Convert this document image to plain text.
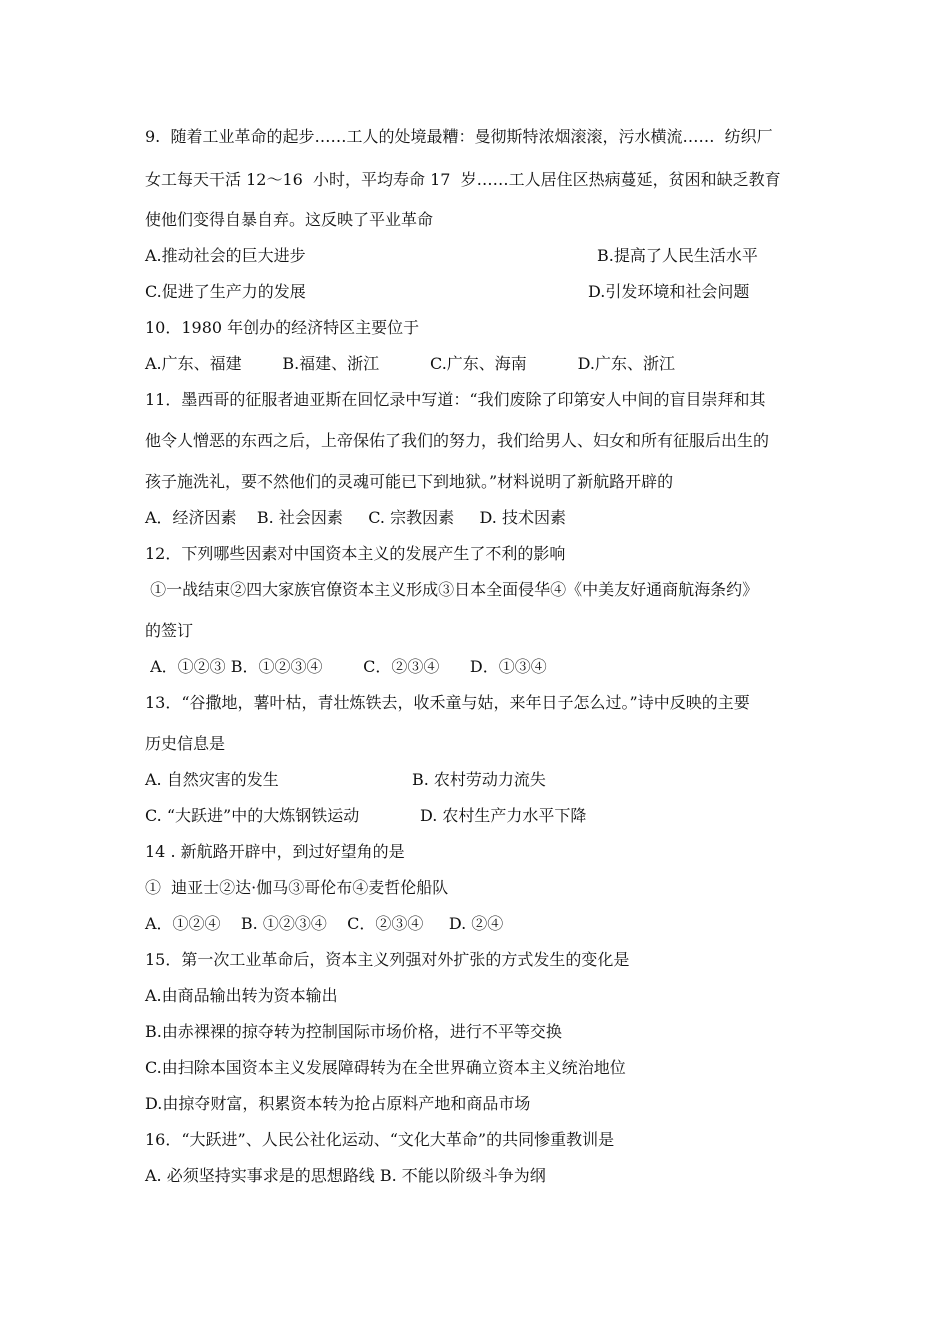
9.  随着工业革命的起步……工人的处境最糟：曼彻斯特浓烟滚滚，污水横流……  纺织厂
女工每天干活 12～16  小时，平均寿命 17  岁……工人居住区热病蔓延，贫困和缺乏教育
使他们变得自暴自弃。这反映了平业革命
A.推动社会的巨大进步	B.提高了人民生活水平
C.促进了生产力的发展	D.引发环境和社会问题
10．1980 年创办的经济特区主要位于
A.广东、福建        B.福建、浙江          C.广东、海南          D.广东、浙江
11．墨西哥的征服者迪亚斯在回忆录中写道：“我们废除了印第安人中间的盲目崇拜和其
他令人憎恶的东西之后，上帝保佑了我们的努力，我们给男人、妇女和所有征服后出生的
孩子施洗礼，要不然他们的灵魂可能已下到地狱。”材料说明了新航路开辟的
A．经济因素    B. 社会因素     C. 宗教因素     D. 技术因素
12．下列哪些因素对中国资本主义的发展产生了不利的影响
①一战结束②四大家族官僚资本主义形成③日本全面侵华④《中美友好通商航海条约》
的签订
A．①②③ B．①②③④        C．②③④      D．①③④
13．“谷撒地，薯叶枯，青壮炼铁去，收禾童与姑，来年日子怎么过。”诗中反映的主要
历史信息是
A. 自然灾害的发生	B. 农村劳动力流失
C. “大跃进”中的大炼钢铁运动	D. 农村生产力水平下降
14 . 新航路开辟中，到过好望角的是
①  迪亚士②达·伽马③哥伦布④麦哲伦船队
A．①②④    B. ①②③④    C．②③④     D. ②④
15．第一次工业革命后，资本主义列强对外扩张的方式发生的变化是
A.由商品输出转为资本输出
B.由赤裸裸的掠夺转为控制国际市场价格，进行不平等交换
C.由扫除本国资本主义发展障碍转为在全世界确立资本主义统治地位
D.由掠夺财富，积累资本转为抢占原料产地和商品市场
16．“大跃进”、人民公社化运动、“文化大革命”的共同惨重教训是
A. 必须坚持实事求是的思想路线 B. 不能以阶级斗争为纲
